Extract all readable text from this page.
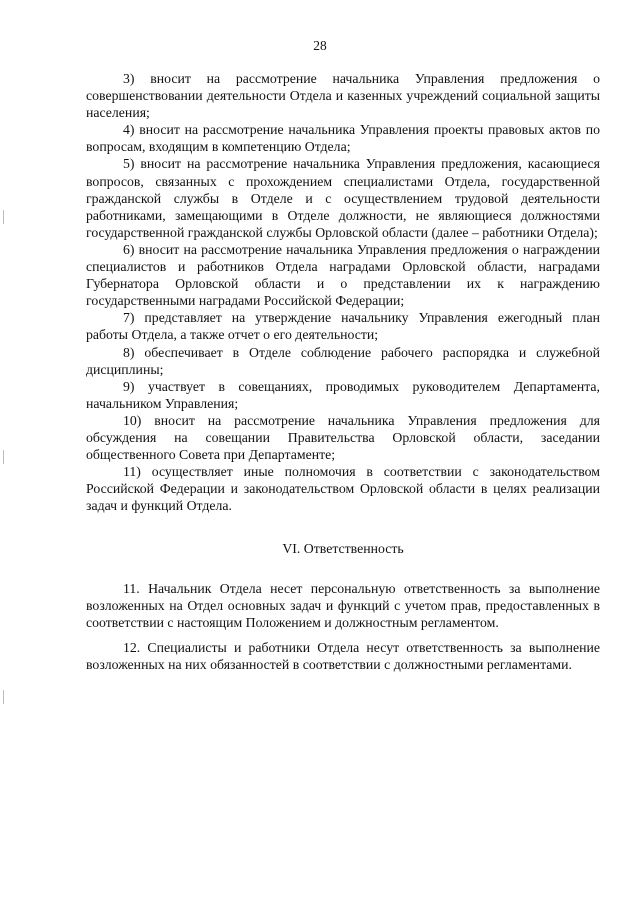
28

3) вносит на рассмотрение начальника Управления предложения о совершенствовании деятельности Отдела и казенных учреждений социальной защиты населения;

4) вносит на рассмотрение начальника Управления проекты правовых актов по вопросам, входящим в компетенцию Отдела;

5) вносит на рассмотрение начальника Управления предложения, касающиеся вопросов, связанных с прохождением специалистами Отдела, государственной гражданской службы в Отделе и с осуществлением трудовой деятельности работниками, замещающими в Отделе должности, не являющиеся должностями государственной гражданской службы Орловской области (далее – работники Отдела);

6) вносит на рассмотрение начальника Управления предложения о награждении специалистов и работников Отдела наградами Орловской области, наградами Губернатора Орловской области и о представлении их к награждению государственными наградами Российской Федерации;

7) представляет на утверждение начальнику Управления ежегодный план работы Отдела, а также отчет о его деятельности;

8) обеспечивает в Отделе соблюдение рабочего распорядка и служебной дисциплины;

9) участвует в совещаниях, проводимых руководителем Департамента, начальником Управления;

10) вносит на рассмотрение начальника Управления предложения для обсуждения на совещании Правительства Орловской области, заседании общественного Совета при Департаменте;

11) осуществляет иные полномочия в соответствии с законодательством Российской Федерации и законодательством Орловской области в целях реализации задач и функций Отдела.

VI. Ответственность

11. Начальник Отдела несет персональную ответственность за выполнение возложенных на Отдел основных задач и функций с учетом прав, предоставленных в соответствии с настоящим Положением и должностным регламентом.

12. Специалисты и работники Отдела несут ответственность за выполнение возложенных на них обязанностей в соответствии с должностными регламентами.
